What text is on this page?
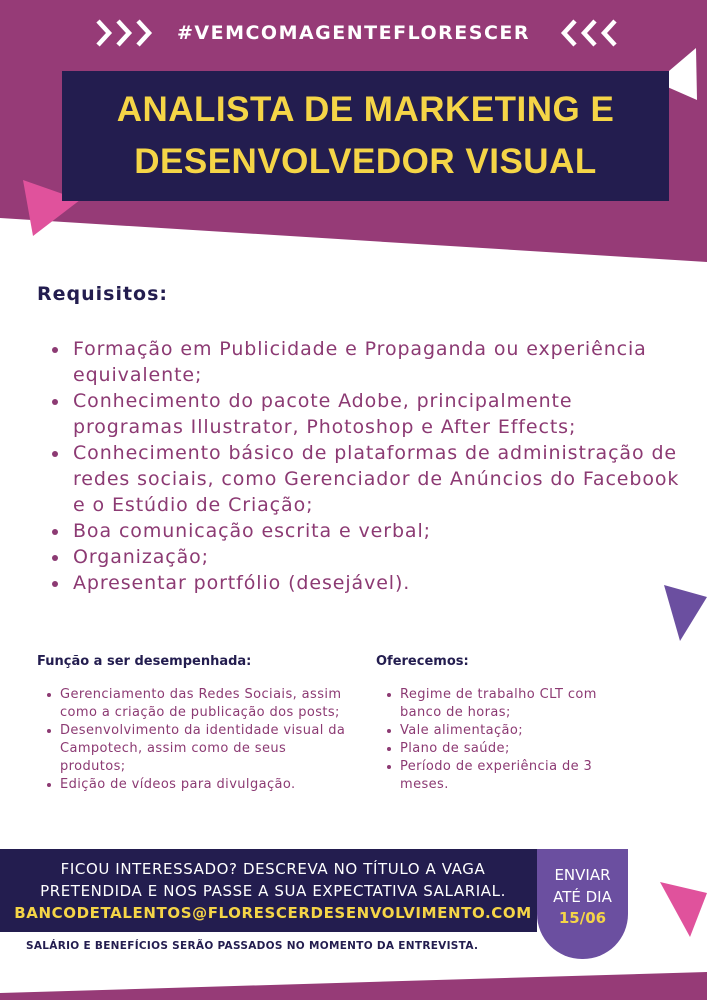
#VEMCOMAGENTEFLORESCER
ANALISTA DE MARKETING E
DESENVOLVEDOR VISUAL
Requisitos:
Formação em Publicidade e Propaganda ou experiência equivalente;
Conhecimento do pacote Adobe, principalmente programas Illustrator, Photoshop e After Effects;
Conhecimento básico de plataformas de administração de redes sociais, como Gerenciador de Anúncios do Facebook e o Estúdio de Criação;
Boa comunicação escrita e verbal;
Organização;
Apresentar portfólio (desejável).
Função a ser desempenhada:
Gerenciamento das Redes Sociais, assim como a criação de publicação dos posts;
Desenvolvimento da identidade visual da Campotech, assim como de seus produtos;
Edição de vídeos para divulgação.
Oferecemos:
Regime de trabalho CLT com banco de horas;
Vale alimentação;
Plano de saúde;
Período de experiência de 3 meses.
FICOU INTERESSADO? DESCREVA NO TÍTULO A VAGA
PRETENDIDA E NOS PASSE A SUA EXPECTATIVA SALARIAL.
BANCODETALENTOS@FLORESCERDESENVOLVIMENTO.COM
ENVIAR
ATÉ DIA
15/06
SALÁRIO E BENEFÍCIOS SERÃO PASSADOS NO MOMENTO DA ENTREVISTA.
